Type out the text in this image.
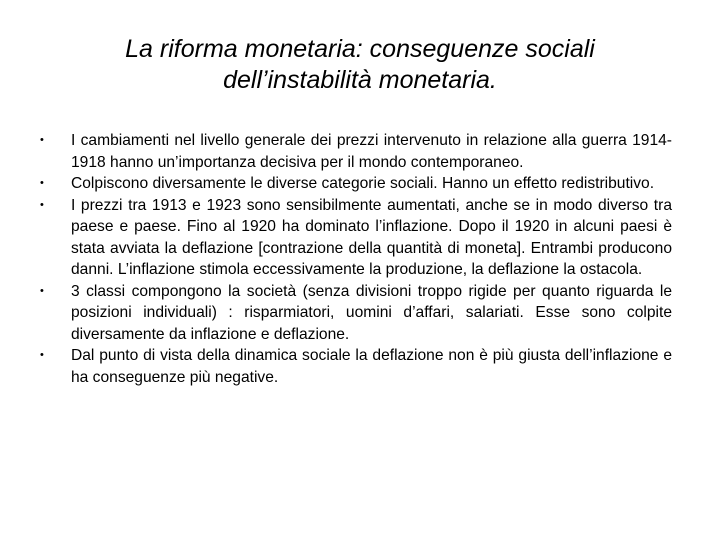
La riforma monetaria: conseguenze sociali
dell’instabilità monetaria.
• I cambiamenti nel livello generale dei prezzi intervenuto in relazione alla guerra 1914-1918 hanno un’importanza decisiva per il mondo contemporaneo.
• Colpiscono diversamente le diverse categorie sociali. Hanno un effetto redistributivo.
• I prezzi tra 1913 e 1923 sono sensibilmente aumentati, anche se in modo diverso tra paese e paese. Fino al 1920 ha dominato l’inflazione. Dopo il 1920 in alcuni paesi è stata avviata la deflazione [contrazione della quantità di moneta]. Entrambi producono danni. L’inflazione stimola eccessivamente la produzione, la deflazione la ostacola.
• 3 classi compongono la società (senza divisioni troppo rigide per quanto riguarda le posizioni individuali) : risparmiatori, uomini d’affari, salariati. Esse sono colpite diversamente da inflazione e deflazione.
• Dal punto di vista della dinamica sociale la deflazione non è più giusta dell’inflazione e ha conseguenze più negative.
